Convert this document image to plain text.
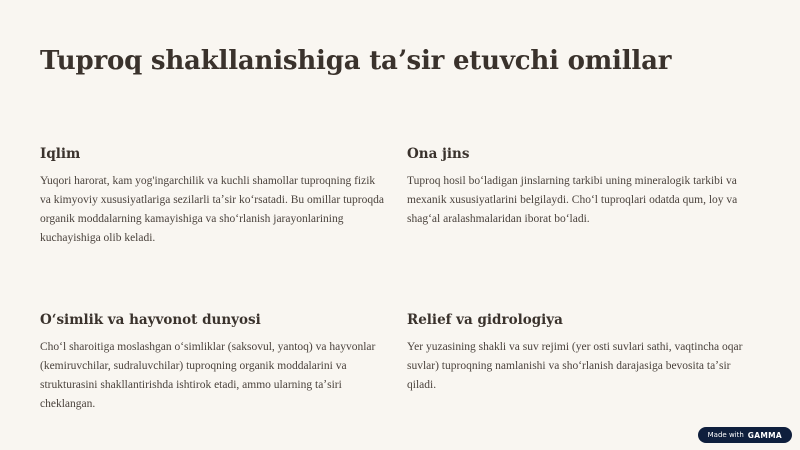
Tuproq shakllanishiga taʼsir etuvchi omillar
Iqlim

Yuqori harorat, kam yog'ingarchilik va kuchli shamollar tuproqning fizik va kimyoviy xususiyatlariga sezilarli taʼsir koʻrsatadi. Bu omillar tuproqda organik moddalarning kamayishiga va shoʻrlanish jarayonlarining kuchayishiga olib keladi.

Ona jins

Tuproq hosil boʻladigan jinslarning tarkibi uning mineralogik tarkibi va mexanik xususiyatlarini belgilaydi. Choʻl tuproqlari odatda qum, loy va shagʻal aralashmalaridan iborat boʻladi.

Oʻsimlik va hayvonot dunyosi

Choʻl sharoitiga moslashgan oʻsimliklar (saksovul, yantoq) va hayvonlar (kemiruvchilar, sudraluvchilar) tuproqning organik moddalarini va strukturasini shakllantirishda ishtirok etadi, ammo ularning taʼsiri cheklangan.

Relief va gidrologiya

Yer yuzasining shakli va suv rejimi (yer osti suvlari sathi, vaqtincha oqar suvlar) tuproqning namlanishi va shoʻrlanish darajasiga bevosita taʼsir qiladi.

Made with GAMMA
